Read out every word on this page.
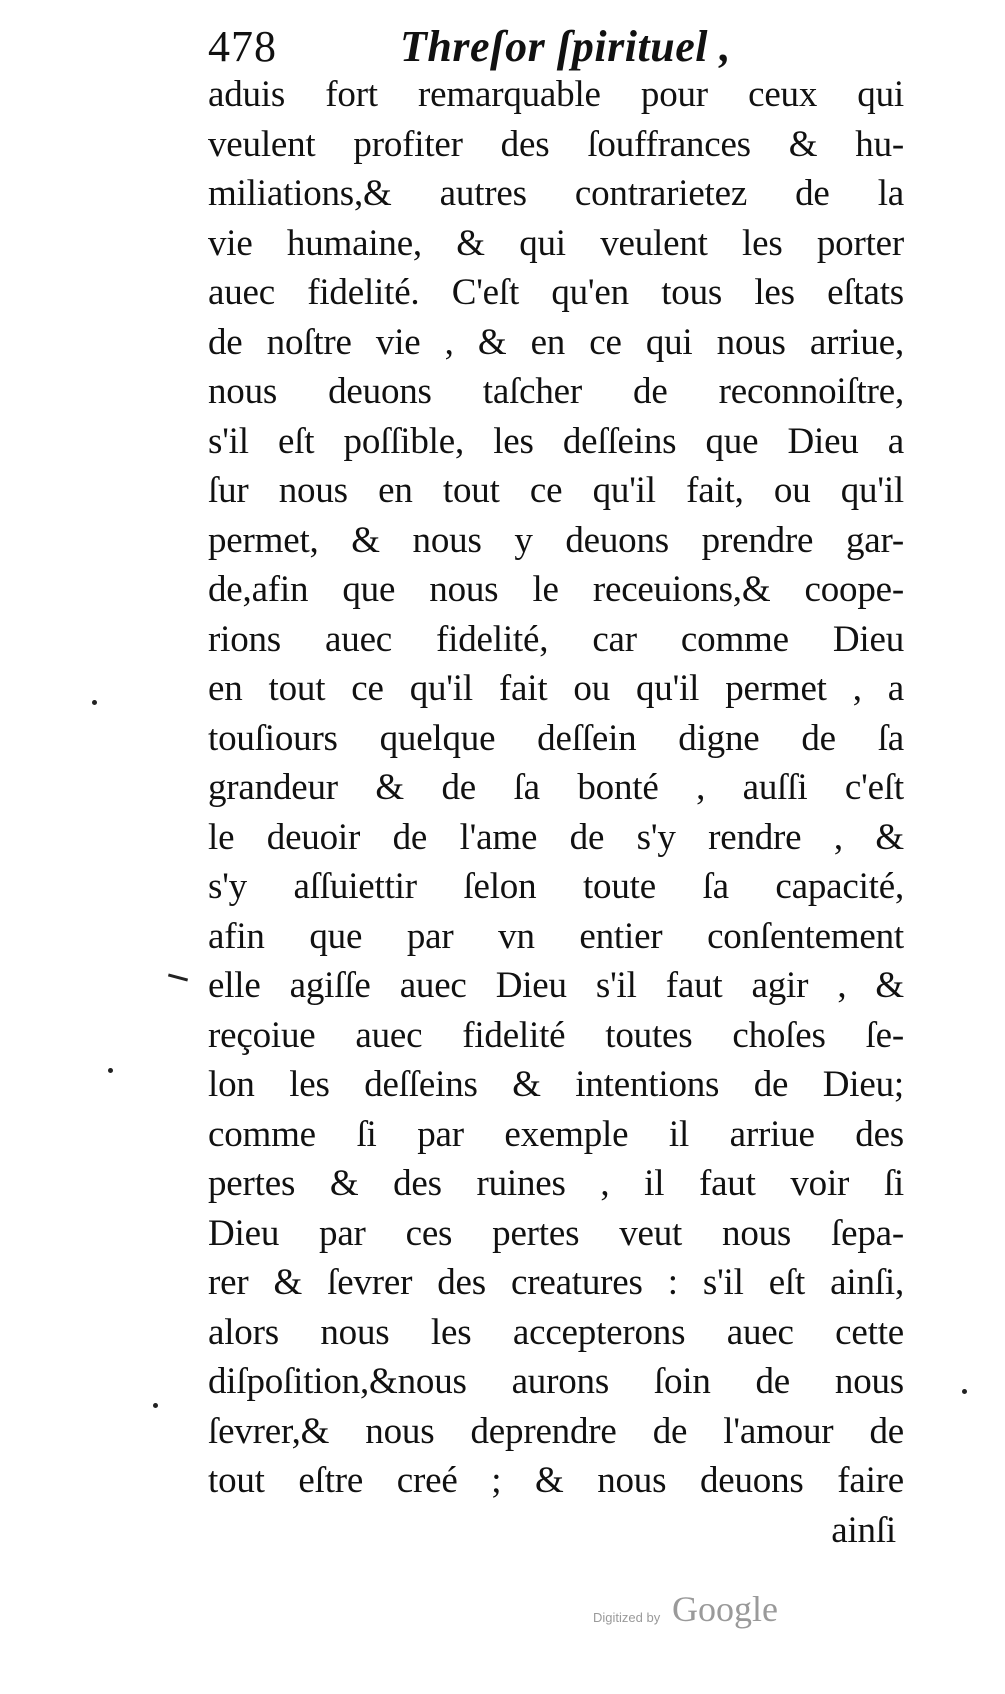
478	Threſor ſpirituel ,
aduis fort remarquable pour ceux qui
veulent profiter des ſouffrances & hu-
miliations,& autres contrarietez de la
vie humaine, & qui veulent les porter
auec fidelité. C'eſt qu'en tous les eſtats
de noſtre vie , & en ce qui nous arriue,
nous deuons taſcher de reconnoiſtre,
s'il eſt poſſible, les deſſeins que Dieu a
ſur nous en tout ce qu'il fait, ou qu'il
permet, & nous y deuons prendre gar-
de,afin que nous le receuions,& coope-
rions auec fidelité, car comme Dieu
en tout ce qu'il fait ou qu'il permet , a
touſiours quelque deſſein digne de ſa
grandeur & de ſa bonté , auſſi c'eſt
le deuoir de l'ame de s'y rendre , &
s'y aſſuiettir ſelon toute ſa capacité,
afin que par vn entier conſentement
elle agiſſe auec Dieu s'il faut agir , &
reçoiue auec fidelité toutes choſes ſe-
lon les deſſeins & intentions de Dieu;
comme ſi par exemple il arriue des
pertes & des ruines , il faut voir ſi
Dieu par ces pertes veut nous ſepa-
rer & ſevrer des creatures : s'il eſt ainſi,
alors nous les accepterons auec cette
diſpoſition,&nous aurons ſoin de nous
ſevrer,& nous deprendre de l'amour de
tout eſtre creé ; & nous deuons faire
ainſi
Digitized by Google
